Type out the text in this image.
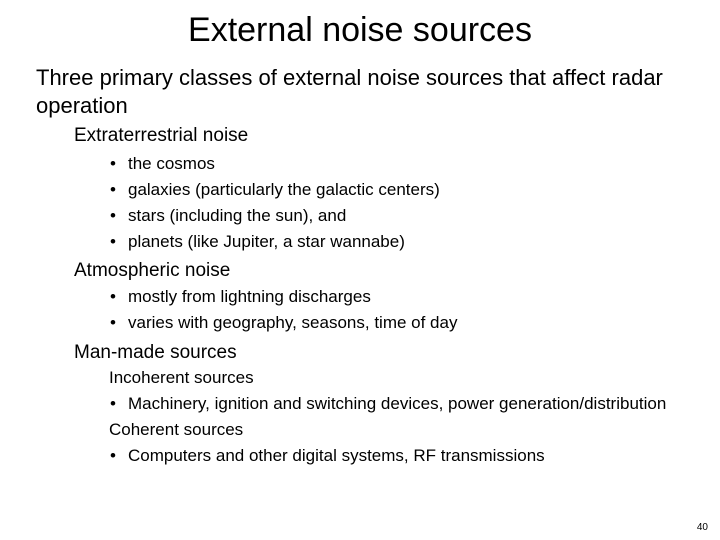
External noise sources
Three primary classes of external noise sources that affect radar operation
Extraterrestrial noise
• the cosmos
• galaxies (particularly the galactic centers)
• stars (including the sun), and
• planets (like Jupiter, a star wannabe)
Atmospheric noise
• mostly from lightning discharges
• varies with geography, seasons, time of day
Man-made sources
Incoherent sources
• Machinery, ignition and switching devices, power generation/distribution
Coherent sources
• Computers and other digital systems, RF transmissions
40
